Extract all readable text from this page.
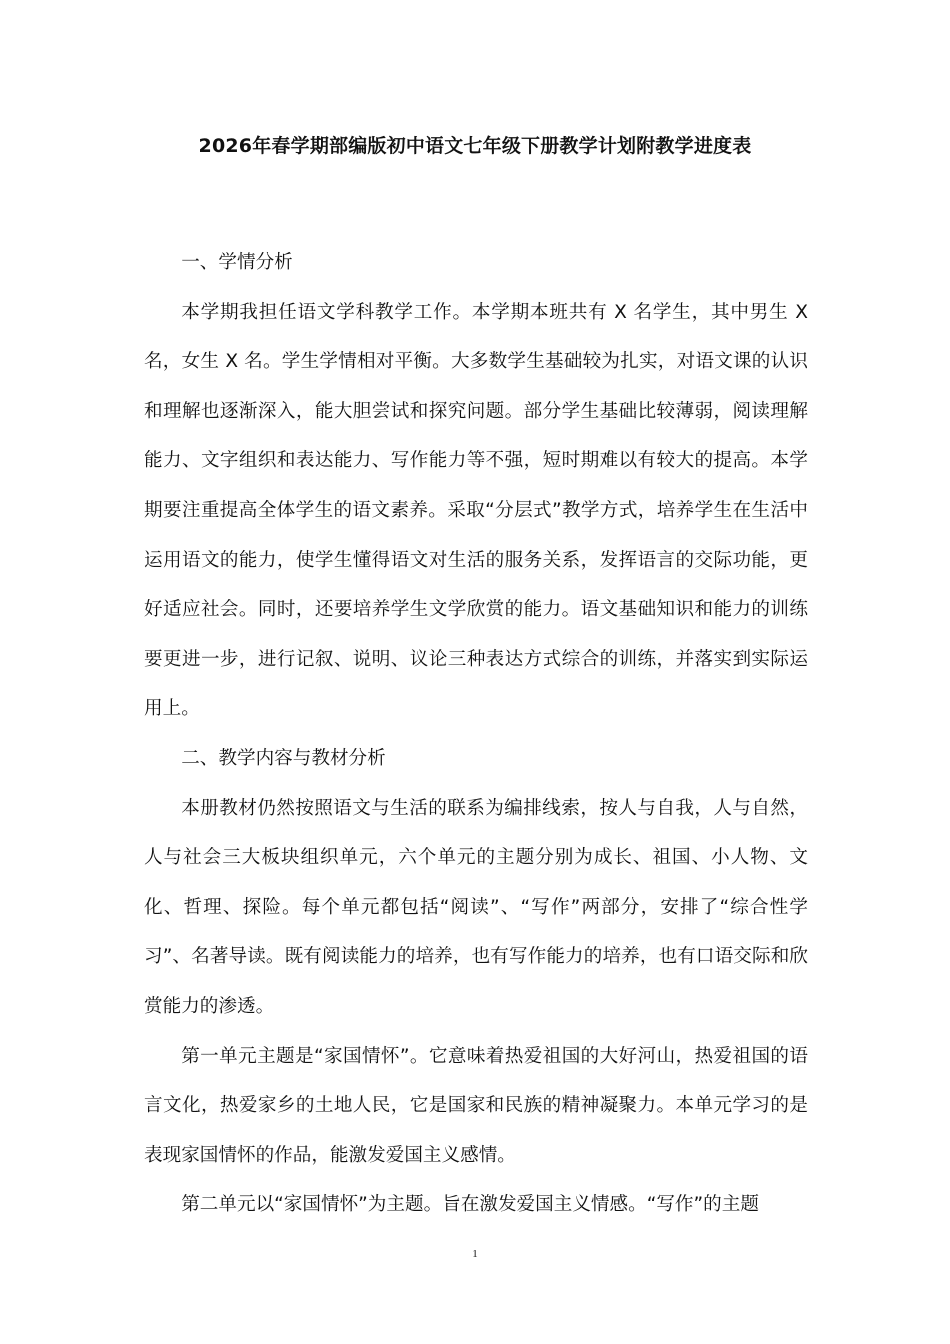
2026年春学期部编版初中语文七年级下册教学计划附教学进度表

一、学情分析

本学期我担任语文学科教学工作。本学期本班共有 X 名学生，其中男生 X 名，女生 X 名。学生学情相对平衡。大多数学生基础较为扎实，对语文课的认识和理解也逐渐深入，能大胆尝试和探究问题。部分学生基础比较薄弱，阅读理解能力、文字组织和表达能力、写作能力等不强，短时期难以有较大的提高。本学期要注重提高全体学生的语文素养。采取“分层式”教学方式，培养学生在生活中运用语文的能力，使学生懂得语文对生活的服务关系，发挥语言的交际功能，更好适应社会。同时，还要培养学生文学欣赏的能力。语文基础知识和能力的训练要更进一步，进行记叙、说明、议论三种表达方式综合的训练，并落实到实际运用上。

二、教学内容与教材分析

本册教材仍然按照语文与生活的联系为编排线索，按人与自我，人与自然，人与社会三大板块组织单元，六个单元的主题分别为成长、祖国、小人物、文化、哲理、探险。每个单元都包括“阅读”、“写作”两部分，安排了“综合性学习”、名著导读。既有阅读能力的培养，也有写作能力的培养，也有口语交际和欣赏能力的渗透。

第一单元主题是“家国情怀”。它意味着热爱祖国的大好河山，热爱祖国的语言文化，热爱家乡的土地人民，它是国家和民族的精神凝聚力。本单元学习的是表现家国情怀的作品，能激发爱国主义感情。

第二单元以“家国情怀”为主题。旨在激发爱国主义情感。“写作”的主题

1
